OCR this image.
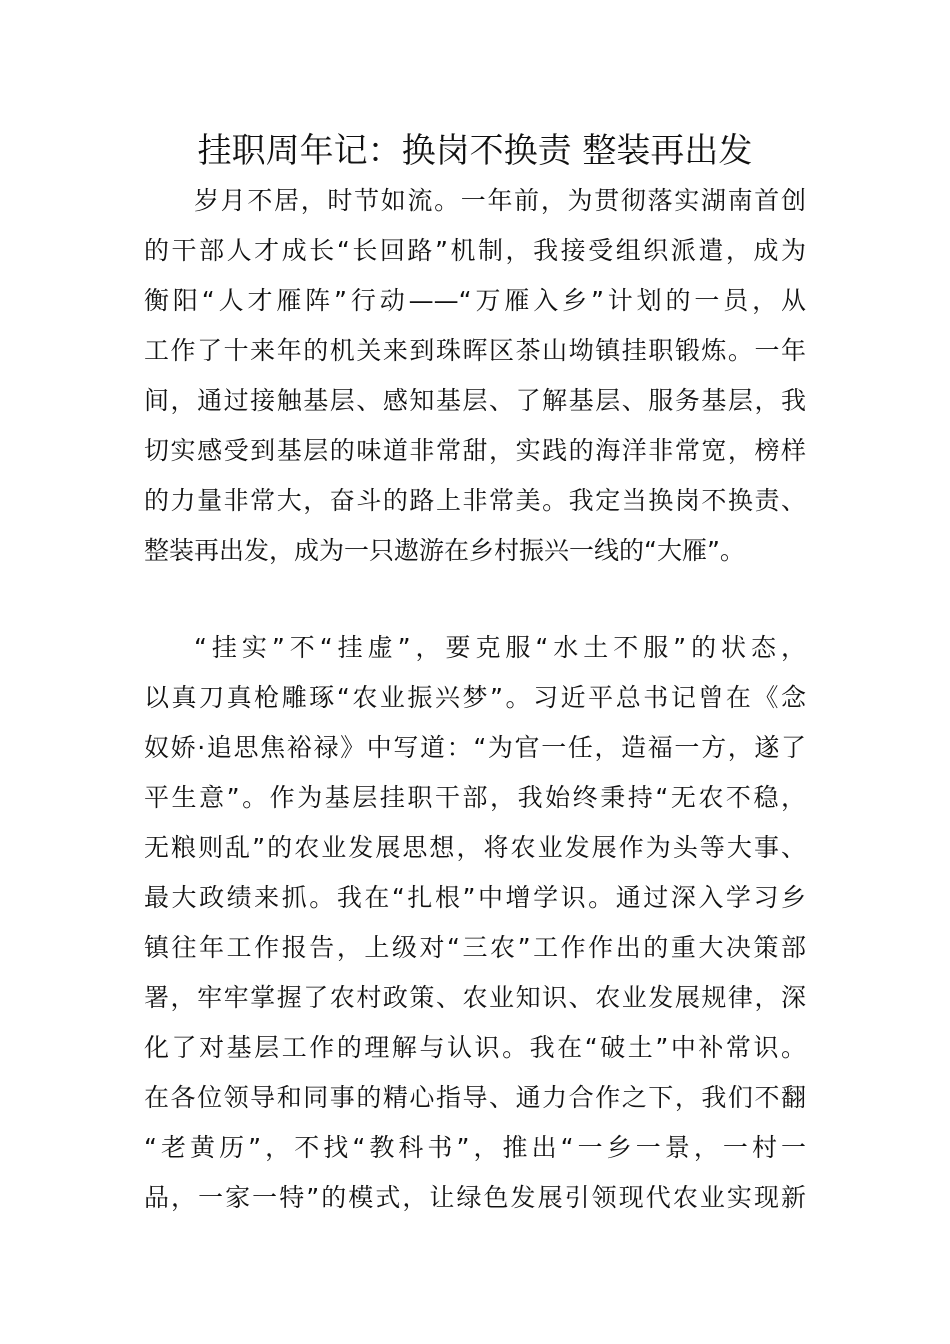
挂职周年记：换岗不换责 整装再出发
岁月不居，时节如流。一年前，为贯彻落实湖南首创
的干部人才成长“长回路”机制，我接受组织派遣，成为
衡阳“人才雁阵”行动——“万雁入乡”计划的一员，从
工作了十来年的机关来到珠晖区茶山坳镇挂职锻炼。一年
间，通过接触基层、感知基层、了解基层、服务基层，我
切实感受到基层的味道非常甜，实践的海洋非常宽，榜样
的力量非常大，奋斗的路上非常美。我定当换岗不换责、
整装再出发，成为一只遨游在乡村振兴一线的“大雁”。
“挂实”不“挂虚”，要克服“水土不服”的状态，
以真刀真枪雕琢“农业振兴梦”。习近平总书记曾在《念
奴娇·追思焦裕禄》中写道：“为官一任，造福一方，遂了
平生意”。作为基层挂职干部，我始终秉持“无农不稳，
无粮则乱”的农业发展思想，将农业发展作为头等大事、
最大政绩来抓。我在“扎根”中增学识。通过深入学习乡
镇往年工作报告，上级对“三农”工作作出的重大决策部
署，牢牢掌握了农村政策、农业知识、农业发展规律，深
化了对基层工作的理解与认识。我在“破土”中补常识。
在各位领导和同事的精心指导、通力合作之下，我们不翻
“老黄历”，不找“教科书”，推出“一乡一景，一村一
品，一家一特”的模式，让绿色发展引领现代农业实现新
